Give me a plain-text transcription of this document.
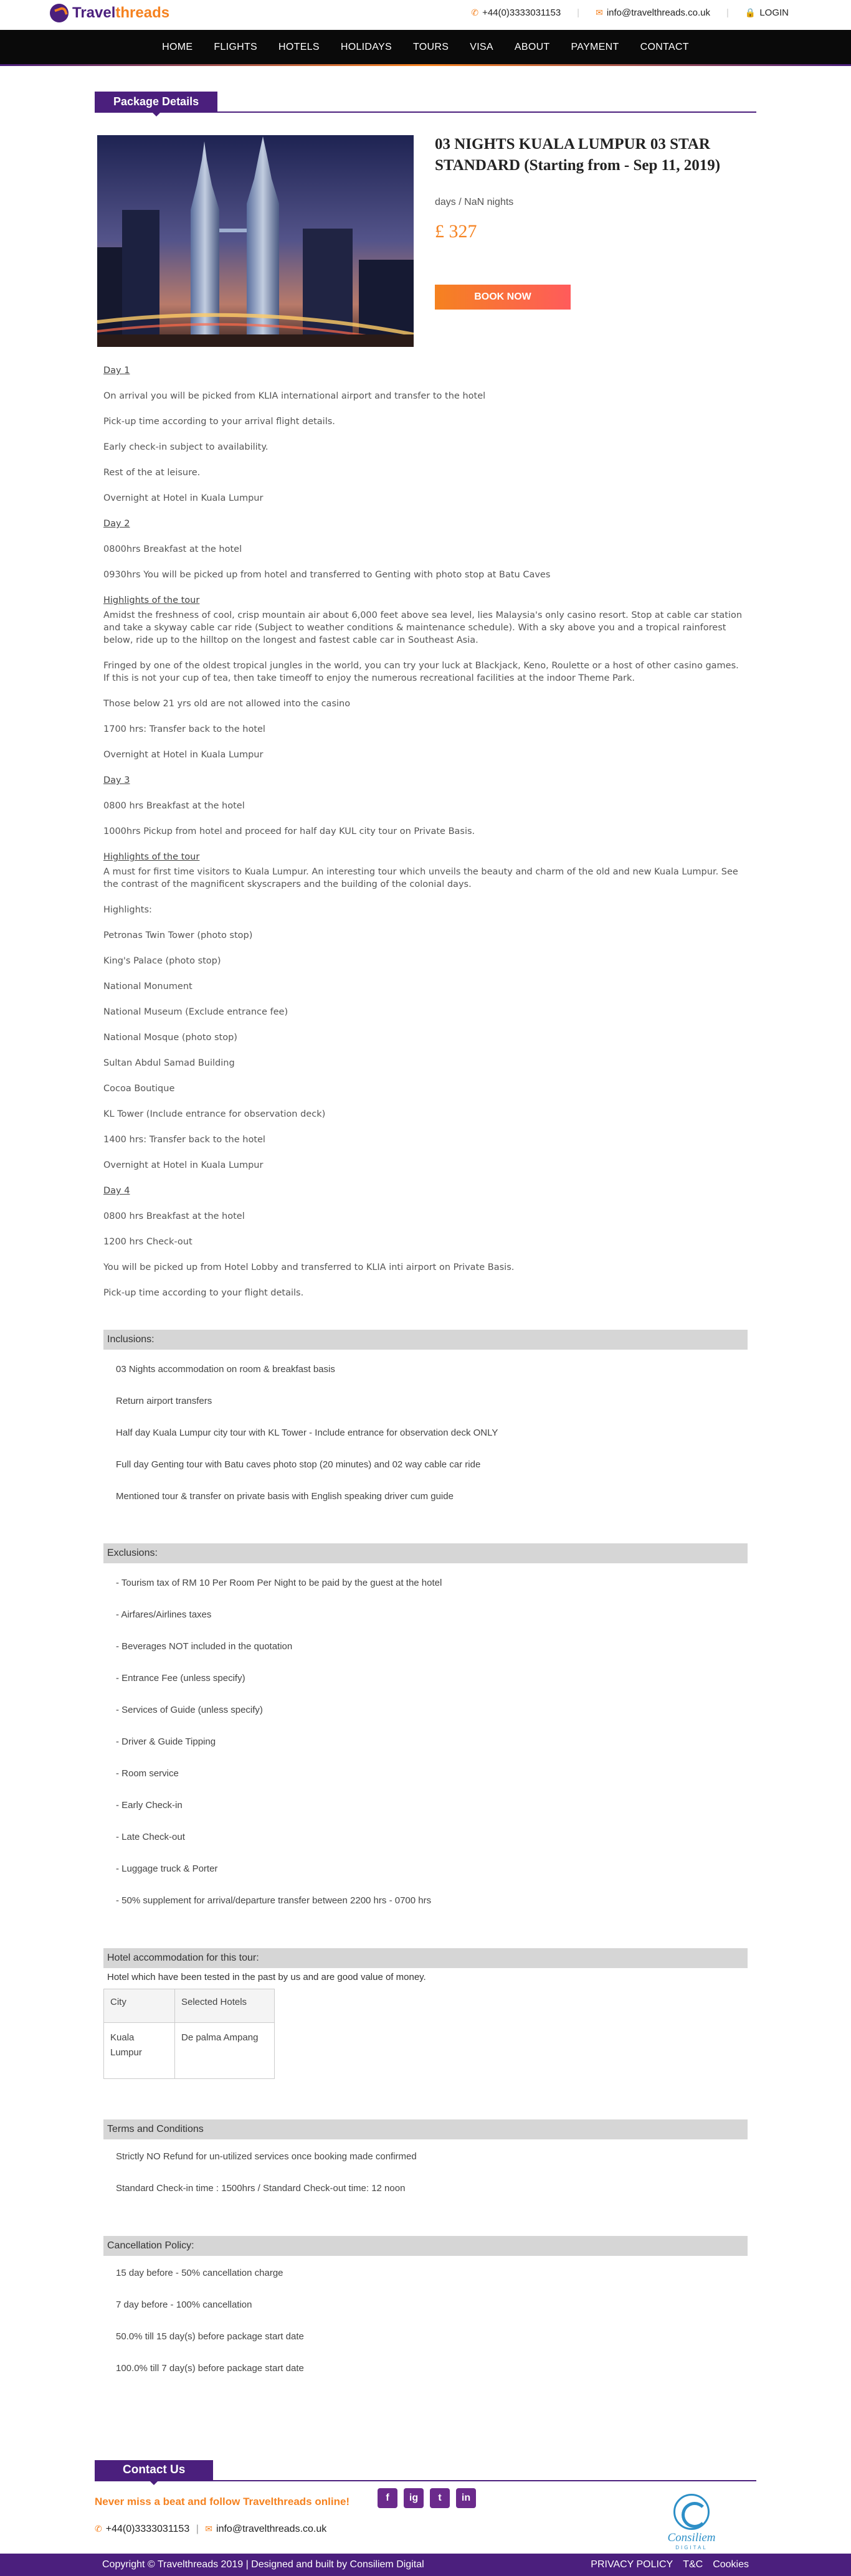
Travelthreads	✆ +44(0)3333031153 | ✉ info@travelthreads.co.uk | 🔒 LOGIN
HOME	FLIGHTS	HOTELS	HOLIDAYS	TOURS	VISA	ABOUT	PAYMENT	CONTACT
Package Details
03 NIGHTS KUALA LUMPUR 03 STAR STANDARD (Starting from - Sep 11, 2019)
days / NaN nights
£ 327
BOOK NOW

Day 1

On arrival you will be picked from KLIA international airport and transfer to the hotel

Pick-up time according to your arrival flight details.

Early check-in subject to availability.

Rest of the at leisure.

Overnight at Hotel in Kuala Lumpur

Day 2

0800hrs Breakfast at the hotel

0930hrs You will be picked up from hotel and transferred to Genting with photo stop at Batu Caves

Highlights of the tour

Amidst the freshness of cool, crisp mountain air about 6,000 feet above sea level, lies Malaysia's only casino resort. Stop at cable car station and take a skyway cable car ride (Subject to weather conditions & maintenance schedule). With a sky above you and a tropical rainforest below, ride up to the hilltop on the longest and fastest cable car in Southeast Asia.

Fringed by one of the oldest tropical jungles in the world, you can try your luck at Blackjack, Keno, Roulette or a host of other casino games. If this is not your cup of tea, then take timeoff to enjoy the numerous recreational facilities at the indoor Theme Park.

Those below 21 yrs old are not allowed into the casino

1700 hrs: Transfer back to the hotel

Overnight at Hotel in Kuala Lumpur

Day 3

0800 hrs Breakfast at the hotel

1000hrs Pickup from hotel and proceed for half day KUL city tour on Private Basis.

Highlights of the tour

A must for first time visitors to Kuala Lumpur. An interesting tour which unveils the beauty and charm of the old and new Kuala Lumpur. See the contrast of the magnificent skyscrapers and the building of the colonial days.

Highlights:

Petronas Twin Tower (photo stop)

King's Palace (photo stop)

National Monument

National Museum (Exclude entrance fee)

National Mosque (photo stop)

Sultan Abdul Samad Building

Cocoa Boutique

KL Tower (Include entrance for observation deck)

1400 hrs: Transfer back to the hotel

Overnight at Hotel in Kuala Lumpur

Day 4

0800 hrs Breakfast at the hotel

1200 hrs Check-out

You will be picked up from Hotel Lobby and transferred to KLIA inti airport on Private Basis.

Pick-up time according to your flight details.

Inclusions:
03 Nights accommodation on room & breakfast basis
Return airport transfers
Half day Kuala Lumpur city tour with KL Tower - Include entrance for observation deck ONLY
Full day Genting tour with Batu caves photo stop (20 minutes) and 02 way cable car ride
Mentioned tour & transfer on private basis with English speaking driver cum guide
Exclusions:
- Tourism tax of RM 10 Per Room Per Night to be paid by the guest at the hotel
- Airfares/Airlines taxes
- Beverages NOT included in the quotation
- Entrance Fee (unless specify)
- Services of Guide (unless specify)
- Driver & Guide Tipping
- Room service
- Early Check-in
- Late Check-out
- Luggage truck & Porter
- 50% supplement for arrival/departure transfer between 2200 hrs - 0700 hrs
Hotel accommodation for this tour:
Hotel which have been tested in the past by us and are good value of money.
City	Selected Hotels
Kuala Lumpur	De palma Ampang
Terms and Conditions
Strictly NO Refund for un-utilized services once booking made confirmed
Standard Check-in time : 1500hrs / Standard Check-out time: 12 noon
Cancellation Policy:
15 day before - 50% cancellation charge
7 day before - 100% cancellation
50.0% till 15 day(s) before package start date
100.0% till 7 day(s) before package start date
Contact Us
Never miss a beat and follow Travelthreads online!	f	ig	t	in
✆ +44(0)3333031153 | ✉ info@travelthreads.co.uk
Consiliem
DIGITAL
Copyright © Travelthreads 2019 | Designed and built by Consiliem Digital	PRIVACY POLICY T&C Cookies
